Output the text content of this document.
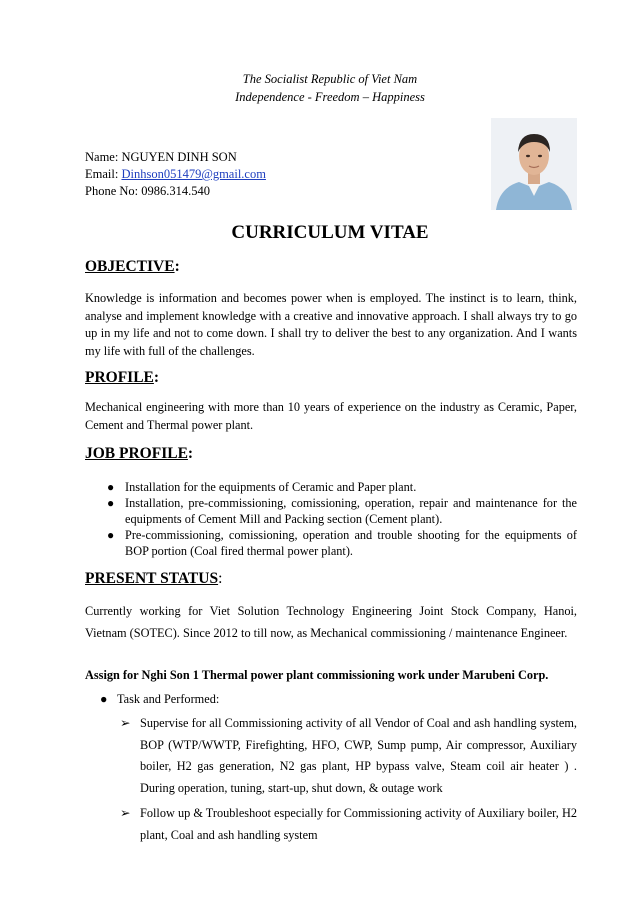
The Socialist Republic of Viet Nam
Independence - Freedom – Happiness
Name: NGUYEN DINH SON
Email: Dinhson051479@gmail.com
Phone No: 0986.314.540
CURRICULUM VITAE
OBJECTIVE:
Knowledge is information and becomes power when is employed. The instinct is to learn, think, analyse and implement knowledge with a creative and innovative approach. I shall always try to go up in my life and not to come down. I shall try to deliver the best to any organization. And I wants my life with full of the challenges.
PROFILE:
Mechanical engineering with more than 10 years of experience on the industry as Ceramic, Paper, Cement and Thermal power plant.
JOB PROFILE:
● Installation for the equipments of Ceramic and Paper plant.
● Installation, pre-commissioning, comissioning, operation, repair and maintenance for the equipments of Cement Mill and Packing section (Cement plant).
● Pre-commissioning, comissioning, operation and trouble shooting for the equipments of BOP portion (Coal fired thermal power plant).
PRESENT STATUS:
Currently working for Viet Solution Technology Engineering Joint Stock Company, Hanoi, Vietnam (SOTEC). Since 2012 to till now, as Mechanical commissioning / maintenance Engineer.
Assign for Nghi Son 1 Thermal power plant commissioning work under Marubeni Corp.
● Task and Performed:
➢ Supervise for all Commissioning activity of all Vendor of Coal and ash handling system, BOP (WTP/WWTP, Firefighting, HFO, CWP, Sump pump, Air compressor, Auxiliary boiler, H2 gas generation, N2 gas plant, HP bypass valve, Steam coil air heater ) . During operation, tuning, start-up, shut down, & outage work
➢ Follow up & Troubleshoot especially for Commissioning activity of Auxiliary boiler, H2 plant, Coal and ash handling system
